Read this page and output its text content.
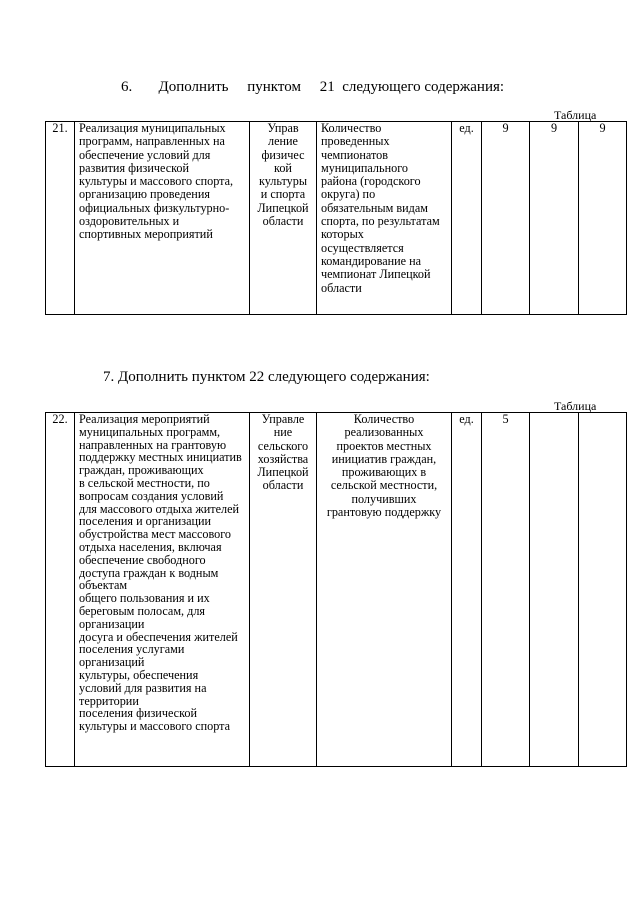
6.       Дополнить     пунктом     21  следующего содержания:
Таблица
21.	Реализация муниципальных
программ, направленных на
обеспечение условий для
развития физической
культуры и массового спорта,
организацию проведения
официальных физкультурно-
оздоровительных и
спортивных мероприятий	Управ
ление
физичес
кой
культуры
и спорта
Липецкой
области	Количество
проведенных
чемпионатов
муниципального
района (городского
округа) по
обязательным видам
спорта, по результатам
которых
осуществляется
командирование на
чемпионат Липецкой
области	ед.	9	9	9
7. Дополнить пунктом 22 следующего содержания:
Таблица
22.	Реализация мероприятий
муниципальных программ,
направленных на грантовую
поддержку местных инициатив
граждан, проживающих
в сельской местности, по
вопросам создания условий
для массового отдыха жителей
поселения и организации
обустройства мест массового
отдыха населения, включая
обеспечение свободного
доступа граждан к водным
объектам
общего пользования и их
береговым полосам, для
организации
досуга и обеспечения жителей
поселения услугами
организаций
культуры, обеспечения
условий для развития на
территории
поселения физической
культуры и массового спорта	Управле
ние
сельского
хозяйства
Липецкой
области	Количество
реализованных
проектов местных
инициатив граждан,
проживающих в
сельской местности,
получивших
грантовую поддержку	ед.	5		
